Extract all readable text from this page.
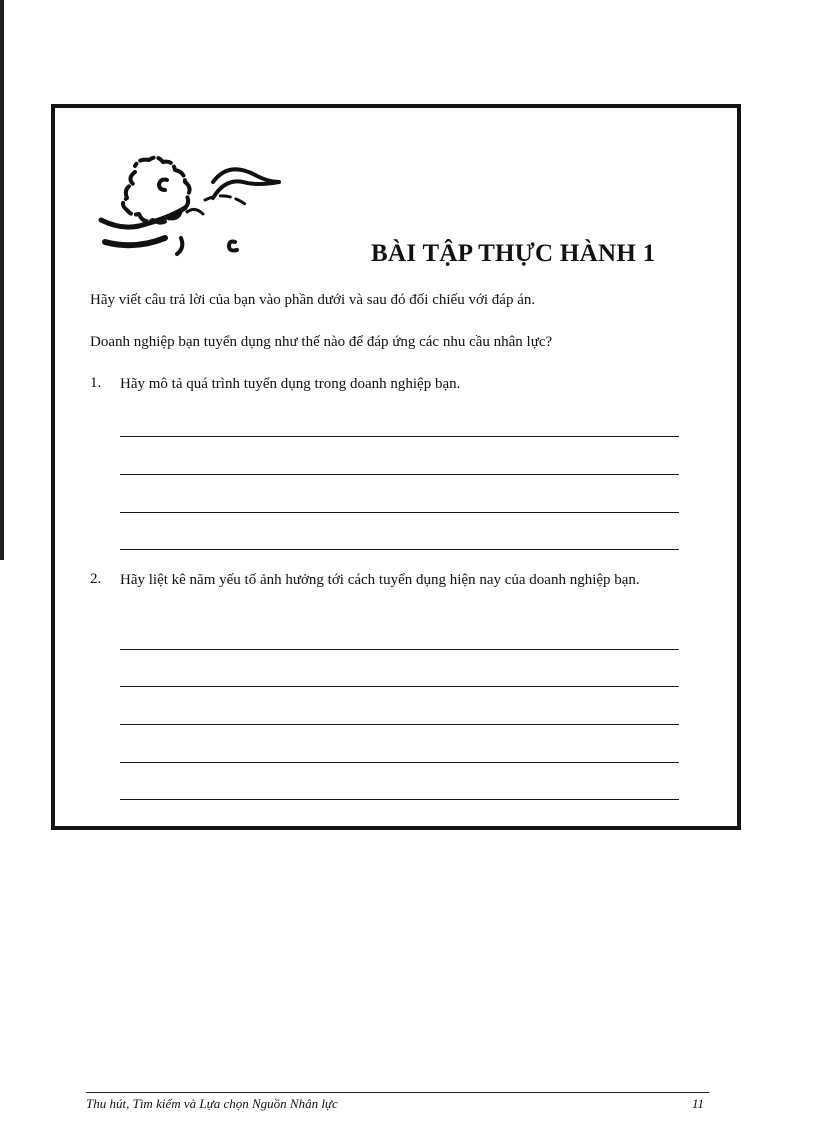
BÀI TẬP THỰC HÀNH 1

Hãy viết câu trả lời của bạn vào phần dưới và sau đó đối chiếu với đáp án.

Doanh nghiệp bạn tuyển dụng như thế nào để đáp ứng các nhu cầu nhân lực?

1. Hãy mô tả quá trình tuyển dụng trong doanh nghiệp bạn.
2. Hãy liệt kê năm yếu tố ảnh hưởng tới cách tuyển dụng hiện nay của doanh nghiệp bạn.

Thu hút, Tìm kiếm và Lựa chọn Nguồn Nhân lực	11
